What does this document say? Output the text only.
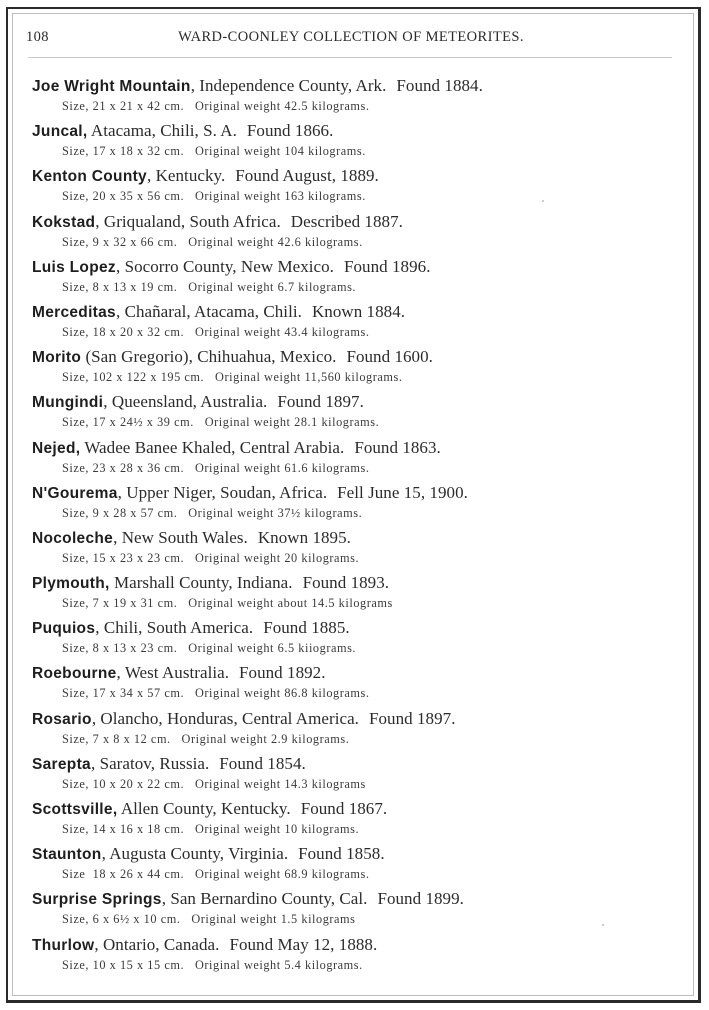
108	WARD-COONLEY COLLECTION OF METEORITES.
Joe Wright Mountain, Independence County, Ark. Found 1884.
Size, 21 x 21 x 42 cm.   Original weight 42.5 kilograms.
Juncal, Atacama, Chili, S. A. Found 1866.
Size, 17 x 18 x 32 cm.   Original weight 104 kilograms.
Kenton County, Kentucky. Found August, 1889.
Size, 20 x 35 x 56 cm.   Original weight 163 kilograms.
Kokstad, Griqualand, South Africa. Described 1887.
Size, 9 x 32 x 66 cm.   Original weight 42.6 kilograms.
Luis Lopez, Socorro County, New Mexico. Found 1896.
Size, 8 x 13 x 19 cm.   Original weight 6.7 kilograms.
Merceditas, Chañaral, Atacama, Chili. Known 1884.
Size, 18 x 20 x 32 cm.   Original weight 43.4 kilograms.
Morito (San Gregorio), Chihuahua, Mexico. Found 1600.
Size, 102 x 122 x 195 cm.   Original weight 11,560 kilograms.
Mungindi, Queensland, Australia. Found 1897.
Size, 17 x 24½ x 39 cm.   Original weight 28.1 kilograms.
Nejed, Wadee Banee Khaled, Central Arabia. Found 1863.
Size, 23 x 28 x 36 cm.   Original weight 61.6 kilograms.
N'Gourema, Upper Niger, Soudan, Africa. Fell June 15, 1900.
Size, 9 x 28 x 57 cm.   Original weight 37½ kilograms.
Nocoleche, New South Wales. Known 1895.
Size, 15 x 23 x 23 cm.   Original weight 20 kilograms.
Plymouth, Marshall County, Indiana. Found 1893.
Size, 7 x 19 x 31 cm.   Original weight about 14.5 kilograms
Puquios, Chili, South America. Found 1885.
Size, 8 x 13 x 23 cm.   Original weight 6.5 kiiograms.
Roebourne, West Australia. Found 1892.
Size, 17 x 34 x 57 cm.   Original weight 86.8 kilograms.
Rosario, Olancho, Honduras, Central America. Found 1897.
Size, 7 x 8 x 12 cm.   Original weight 2.9 kilograms.
Sarepta, Saratov, Russia. Found 1854.
Size, 10 x 20 x 22 cm.   Original weight 14.3 kilograms
Scottsville, Allen County, Kentucky. Found 1867.
Size, 14 x 16 x 18 cm.   Original weight 10 kilograms.
Staunton, Augusta County, Virginia. Found 1858.
Size  18 x 26 x 44 cm.   Original weight 68.9 kilograms.
Surprise Springs, San Bernardino County, Cal. Found 1899.
Size, 6 x 6½ x 10 cm.   Original weight 1.5 kilograms
Thurlow, Ontario, Canada. Found May 12, 1888.
Size, 10 x 15 x 15 cm.   Original weight 5.4 kilograms.
